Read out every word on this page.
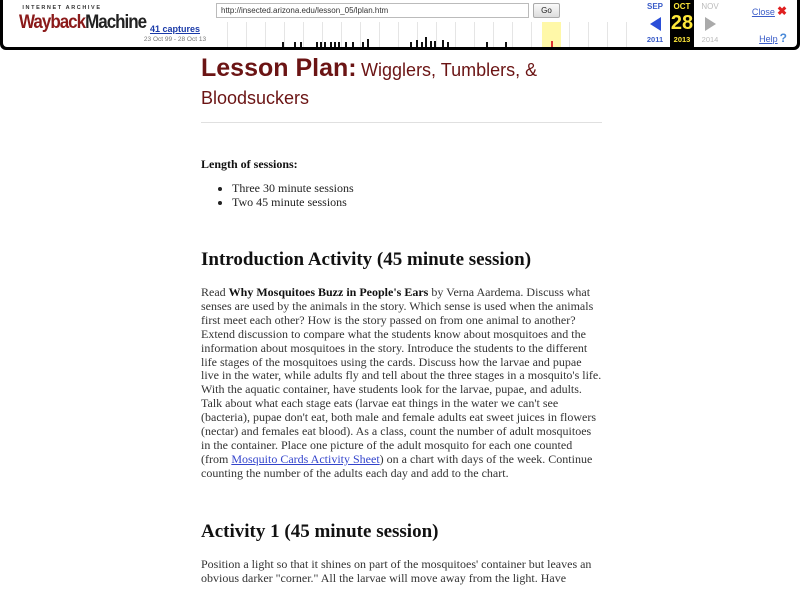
INTERNET ARCHIVE
WaybackMachine 41 captures
23 Oct 99 - 28 Oct 13
http://insected.arizona.edu/lesson_05/lplan.htm	Go	SEP
2011
OCT
28
2013
NOV
2014
Close ✖
Help ?
Lesson Plan: Wigglers, Tumblers, & Bloodsuckers
Length of sessions:
• Three 30 minute sessions
• Two 45 minute sessions
Introduction Activity (45 minute session)

Read Why Mosquitoes Buzz in People's Ears by Verna Aardema. Discuss what senses are used by the animals in the story. Which sense is used when the animals first meet each other? How is the story passed on from one animal to another? Extend discussion to compare what the students know about mosquitoes and the information about mosquitoes in the story. Introduce the students to the different life stages of the mosquitoes using the cards. Discuss how the larvae and pupae live in the water, while adults fly and tell about the three stages in a mosquito's life. With the aquatic container, have students look for the larvae, pupae, and adults. Talk about what each stage eats (larvae eat things in the water we can't see (bacteria), pupae don't eat, both male and female adults eat sweet juices in flowers (nectar) and females eat blood). As a class, count the number of adult mosquitoes in the container. Place one picture of the adult mosquito for each one counted (from Mosquito Cards Activity Sheet) on a chart with days of the week. Continue counting the number of the adults each day and add to the chart.

Activity 1 (45 minute session)

Position a light so that it shines on part of the mosquitoes' container but leaves an obvious darker "corner." All the larvae will move away from the light. Have
